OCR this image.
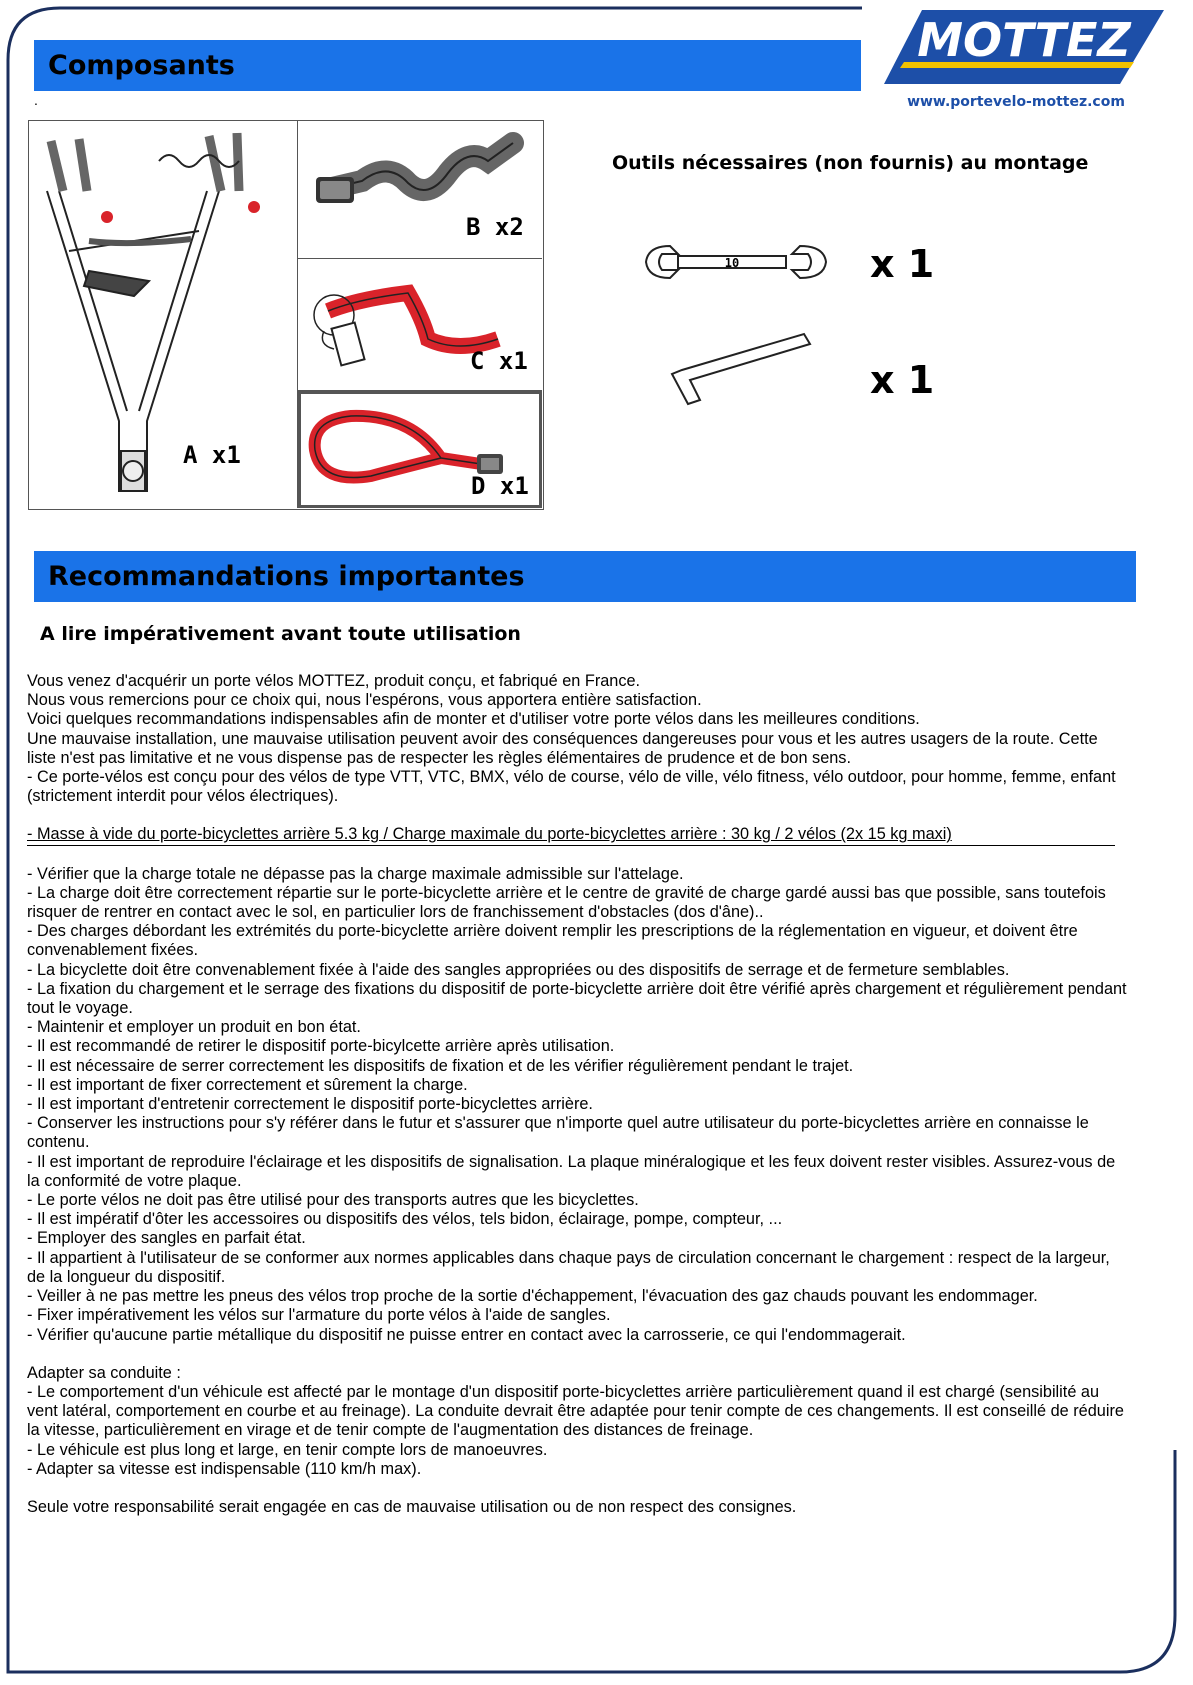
Composants
.
MOTTEZ
www.portevelo-mottez.com
A x1
B x2
C x1
D x1
Outils nécessaires (non fournis) au montage
10	x 1
x 1
Recommandations importantes
A lire impérativement avant toute utilisation

Vous venez d'acquérir un porte vélos MOTTEZ, produit conçu, et fabriqué en France.

Nous vous remercions pour ce choix qui, nous l'espérons, vous apportera entière satisfaction.

Voici quelques recommandations indispensables afin de monter et d'utiliser votre porte vélos dans les meilleures conditions.

Une mauvaise installation, une mauvaise utilisation peuvent avoir des conséquences dangereuses pour vous et les autres usagers de la route. Cette liste n'est pas limitative et ne vous dispense pas de respecter les règles élémentaires de prudence et de bon sens.

- Ce porte-vélos est conçu pour des vélos de type VTT, VTC, BMX, vélo de course, vélo de ville, vélo fitness, vélo outdoor, pour homme, femme, enfant (strictement interdit pour vélos électriques).

- Masse à vide du porte-bicyclettes arrière 5.3 kg / Charge maximale du porte-bicyclettes arrière : 30 kg / 2 vélos (2x 15 kg maxi)

- Vérifier que la charge totale ne dépasse pas la charge maximale admissible sur l'attelage.

- La charge doit être correctement répartie sur le porte-bicyclette arrière et le centre de gravité de charge gardé aussi bas que possible, sans toutefois risquer de rentrer en contact avec le sol, en particulier lors de franchissement d'obstacles (dos d'âne)..

- Des charges débordant les extrémités du porte-bicyclette arrière doivent remplir les prescriptions de la réglementation en vigueur, et doivent être convenablement fixées.

- La bicyclette doit être convenablement fixée à l'aide des sangles appropriées ou des dispositifs de serrage et de fermeture semblables.

- La fixation du chargement et le serrage des fixations du dispositif de porte-bicyclette arrière doit être vérifié après chargement et régulièrement pendant tout le voyage.

- Maintenir et employer un produit en bon état.

- Il est recommandé de retirer le dispositif porte-bicylcette arrière après utilisation.

- Il est nécessaire de serrer correctement les dispositifs de fixation et de les vérifier régulièrement pendant le trajet.

- Il est important de fixer correctement et sûrement la charge.

- Il est important d'entretenir correctement le dispositif porte-bicyclettes arrière.

- Conserver les instructions pour s'y référer dans le futur et s'assurer que n'importe quel autre utilisateur du porte-bicyclettes arrière en connaisse le contenu.

- Il est important de reproduire l'éclairage et les dispositifs de signalisation. La plaque minéralogique et les feux doivent rester visibles. Assurez-vous de la conformité de votre plaque.

- Le porte vélos ne doit pas être utilisé pour des transports autres que les bicyclettes.

- Il est impératif d'ôter les accessoires ou dispositifs des vélos, tels bidon, éclairage, pompe, compteur, ...

- Employer des sangles en parfait état.

- Il appartient à l'utilisateur de se conformer aux normes applicables dans chaque pays de circulation concernant le chargement : respect de la largeur, de la longueur du dispositif.

- Veiller à ne pas mettre les pneus des vélos trop proche de la sortie d'échappement, l'évacuation des gaz chauds pouvant les endommager.

- Fixer impérativement les vélos sur l'armature du porte vélos à l'aide de sangles.

- Vérifier qu'aucune partie métallique du dispositif ne puisse entrer en contact avec la carrosserie, ce qui l'endommagerait.

Adapter sa conduite :

- Le comportement d'un véhicule est affecté par le montage d'un dispositif porte-bicyclettes arrière particulièrement quand il est chargé (sensibilité au vent latéral, comportement en courbe et au freinage). La conduite devrait être adaptée pour tenir compte de ces changements. Il est conseillé de réduire la vitesse, particulièrement en virage et de tenir compte de l'augmentation des distances de freinage.

- Le véhicule est plus long et large, en tenir compte lors de manoeuvres.

- Adapter sa vitesse est indispensable (110 km/h max).

Seule votre responsabilité serait engagée en cas de mauvaise utilisation ou de non respect des consignes.
